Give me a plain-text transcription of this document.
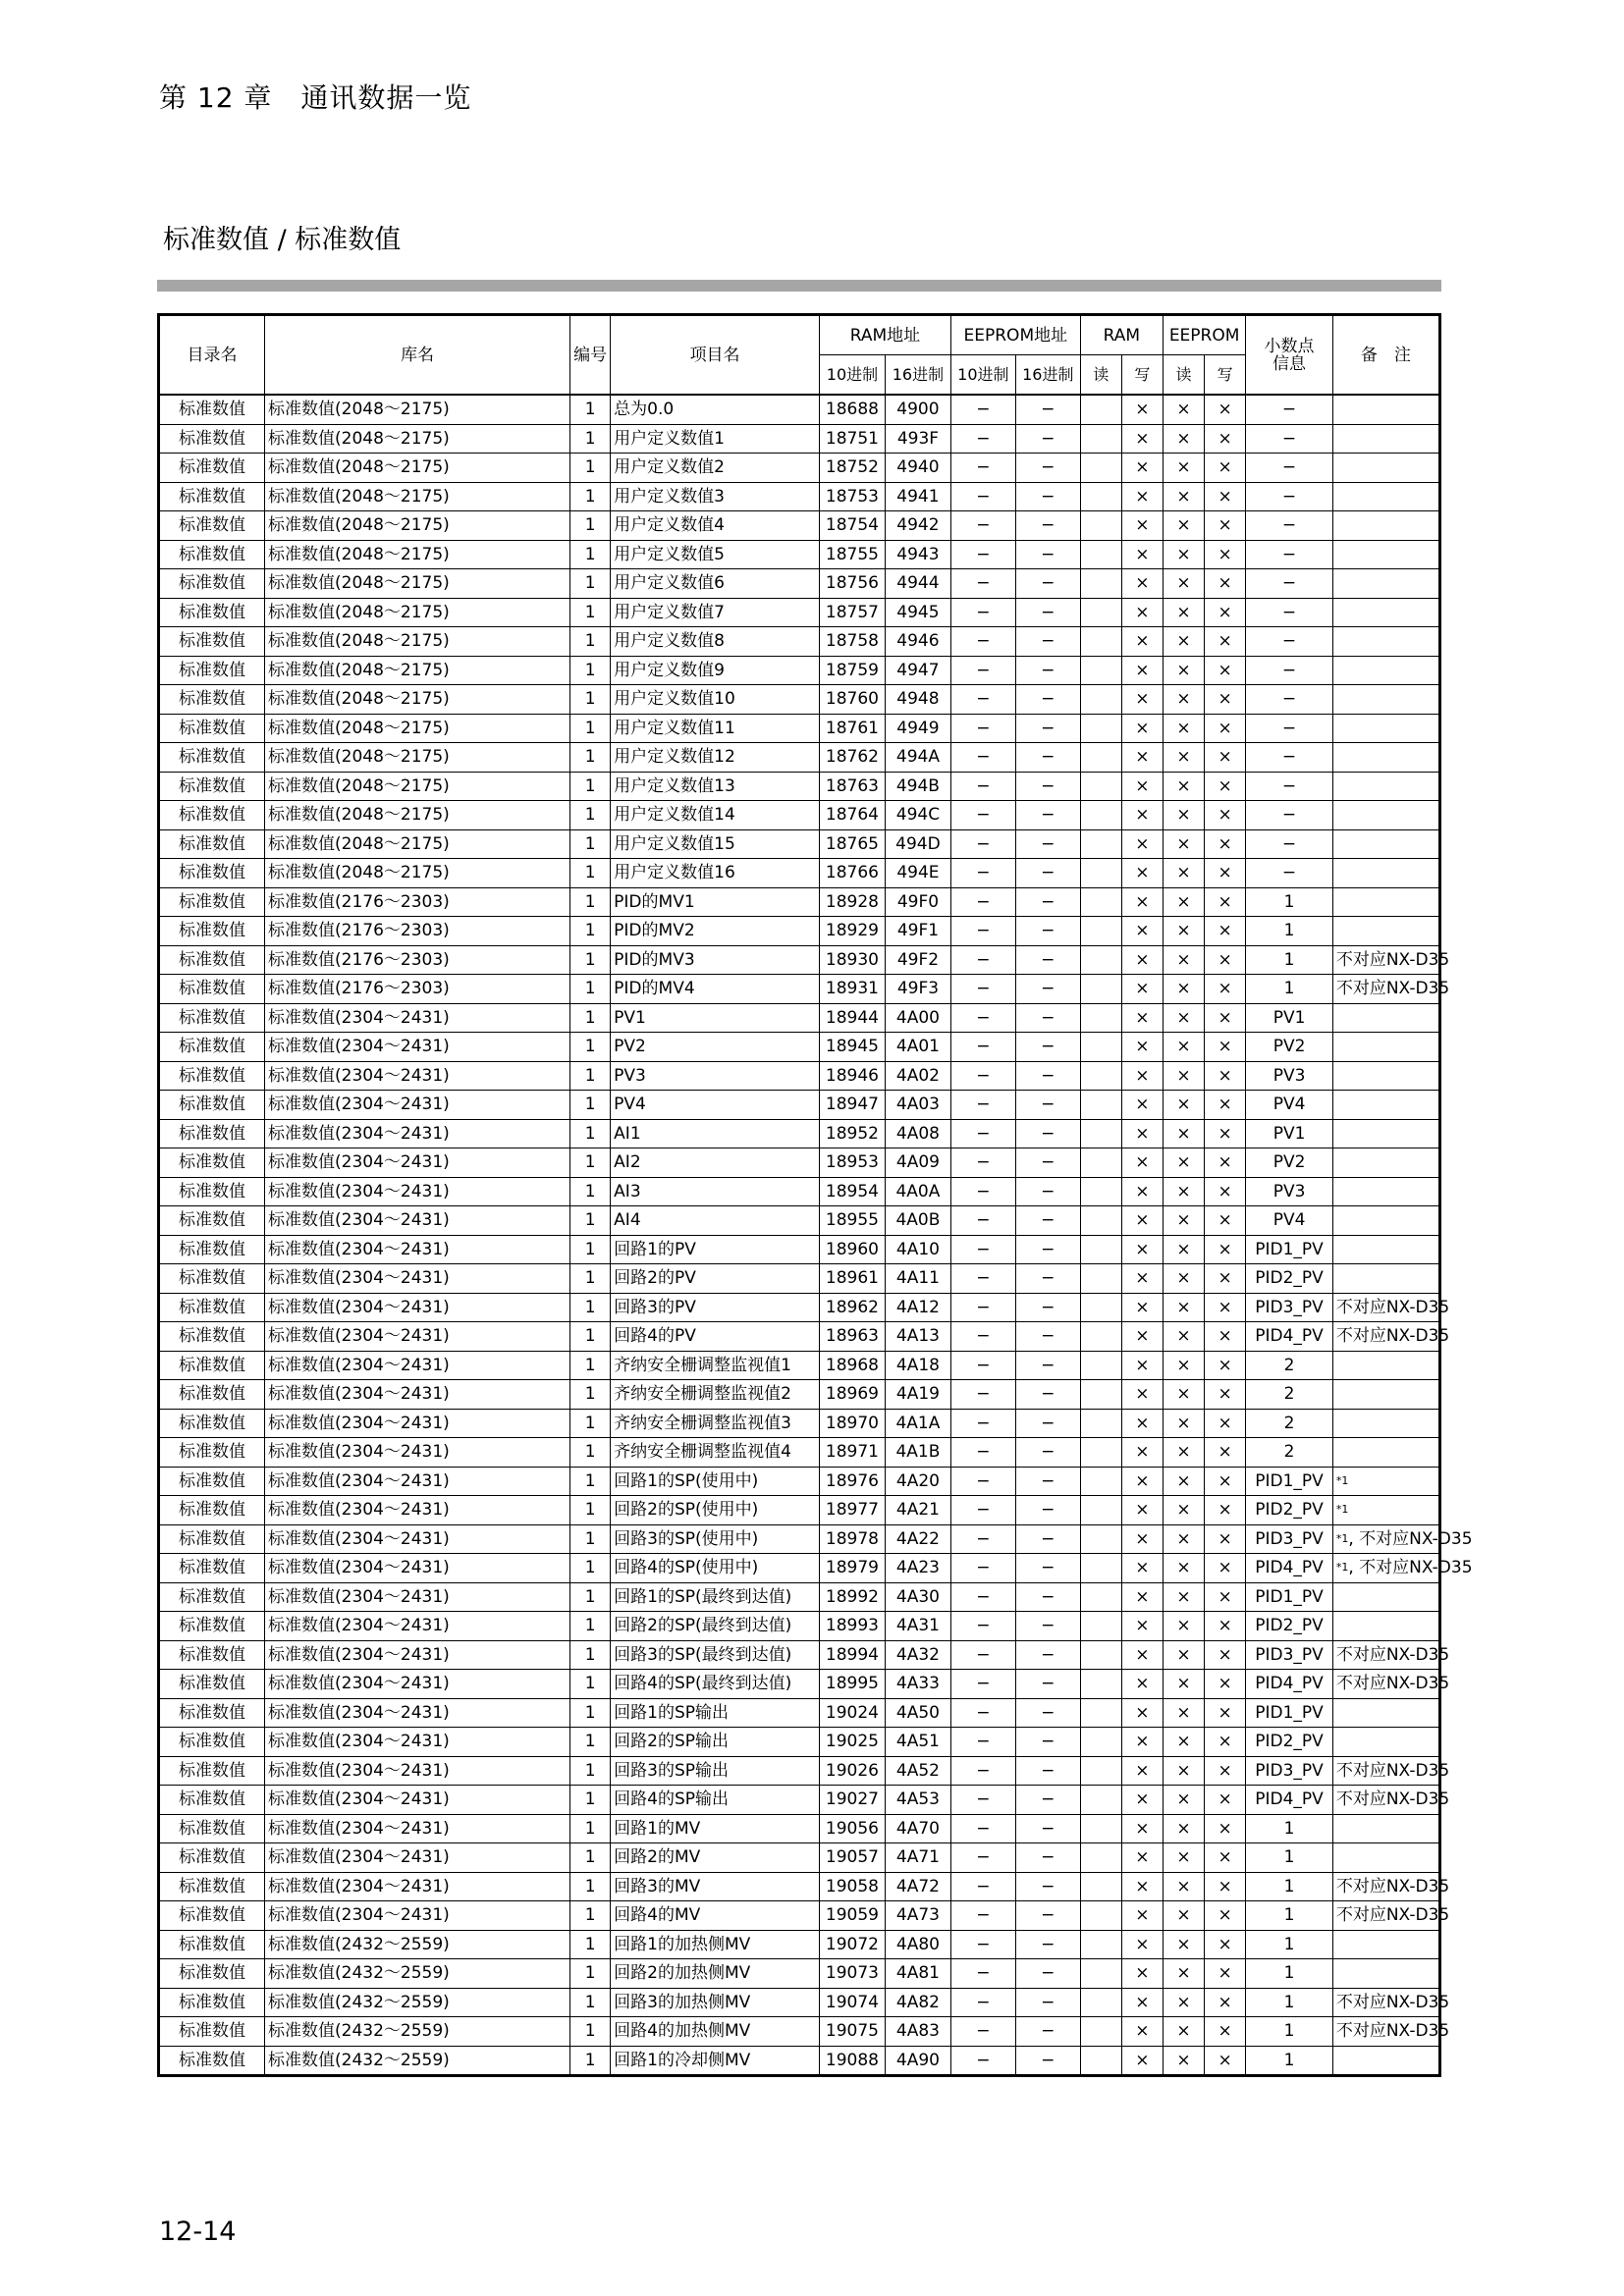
第 12 章　通讯数据一览
标准数值 / 标准数值
目录名	库名	编号	项目名	RAM地址		EEPROM地址		RAM		EEPROM		小数点
信息	备　注
				10进制	16进制	10进制	16进制	读	写	读	写		
标准数值	标准数值(2048～2175)	1	总为0.0	18688	4900	−	−		×	×	×	−	
标准数值	标准数值(2048～2175)	1	用户定义数值1	18751	493F	−	−		×	×	×	−	
标准数值	标准数值(2048～2175)	1	用户定义数值2	18752	4940	−	−		×	×	×	−	
标准数值	标准数值(2048～2175)	1	用户定义数值3	18753	4941	−	−		×	×	×	−	
标准数值	标准数值(2048～2175)	1	用户定义数值4	18754	4942	−	−		×	×	×	−	
标准数值	标准数值(2048～2175)	1	用户定义数值5	18755	4943	−	−		×	×	×	−	
标准数值	标准数值(2048～2175)	1	用户定义数值6	18756	4944	−	−		×	×	×	−	
标准数值	标准数值(2048～2175)	1	用户定义数值7	18757	4945	−	−		×	×	×	−	
标准数值	标准数值(2048～2175)	1	用户定义数值8	18758	4946	−	−		×	×	×	−	
标准数值	标准数值(2048～2175)	1	用户定义数值9	18759	4947	−	−		×	×	×	−	
标准数值	标准数值(2048～2175)	1	用户定义数值10	18760	4948	−	−		×	×	×	−	
标准数值	标准数值(2048～2175)	1	用户定义数值11	18761	4949	−	−		×	×	×	−	
标准数值	标准数值(2048～2175)	1	用户定义数值12	18762	494A	−	−		×	×	×	−	
标准数值	标准数值(2048～2175)	1	用户定义数值13	18763	494B	−	−		×	×	×	−	
标准数值	标准数值(2048～2175)	1	用户定义数值14	18764	494C	−	−		×	×	×	−	
标准数值	标准数值(2048～2175)	1	用户定义数值15	18765	494D	−	−		×	×	×	−	
标准数值	标准数值(2048～2175)	1	用户定义数值16	18766	494E	−	−		×	×	×	−	
标准数值	标准数值(2176～2303)	1	PID的MV1	18928	49F0	−	−		×	×	×	1	
标准数值	标准数值(2176～2303)	1	PID的MV2	18929	49F1	−	−		×	×	×	1	
标准数值	标准数值(2176～2303)	1	PID的MV3	18930	49F2	−	−		×	×	×	1	不对应NX-D35
标准数值	标准数值(2176～2303)	1	PID的MV4	18931	49F3	−	−		×	×	×	1	不对应NX-D35
标准数值	标准数值(2304～2431)	1	PV1	18944	4A00	−	−		×	×	×	PV1	
标准数值	标准数值(2304～2431)	1	PV2	18945	4A01	−	−		×	×	×	PV2	
标准数值	标准数值(2304～2431)	1	PV3	18946	4A02	−	−		×	×	×	PV3	
标准数值	标准数值(2304～2431)	1	PV4	18947	4A03	−	−		×	×	×	PV4	
标准数值	标准数值(2304～2431)	1	AI1	18952	4A08	−	−		×	×	×	PV1	
标准数值	标准数值(2304～2431)	1	AI2	18953	4A09	−	−		×	×	×	PV2	
标准数值	标准数值(2304～2431)	1	AI3	18954	4A0A	−	−		×	×	×	PV3	
标准数值	标准数值(2304～2431)	1	AI4	18955	4A0B	−	−		×	×	×	PV4	
标准数值	标准数值(2304～2431)	1	回路1的PV	18960	4A10	−	−		×	×	×	PID1_PV	
标准数值	标准数值(2304～2431)	1	回路2的PV	18961	4A11	−	−		×	×	×	PID2_PV	
标准数值	标准数值(2304～2431)	1	回路3的PV	18962	4A12	−	−		×	×	×	PID3_PV	不对应NX-D35
标准数值	标准数值(2304～2431)	1	回路4的PV	18963	4A13	−	−		×	×	×	PID4_PV	不对应NX-D35
标准数值	标准数值(2304～2431)	1	齐纳安全栅调整监视值1	18968	4A18	−	−		×	×	×	2	
标准数值	标准数值(2304～2431)	1	齐纳安全栅调整监视值2	18969	4A19	−	−		×	×	×	2	
标准数值	标准数值(2304～2431)	1	齐纳安全栅调整监视值3	18970	4A1A	−	−		×	×	×	2	
标准数值	标准数值(2304～2431)	1	齐纳安全栅调整监视值4	18971	4A1B	−	−		×	×	×	2	
标准数值	标准数值(2304～2431)	1	回路1的SP(使用中)	18976	4A20	−	−		×	×	×	PID1_PV	$^{*1}$
标准数值	标准数值(2304～2431)	1	回路2的SP(使用中)	18977	4A21	−	−		×	×	×	PID2_PV	$^{*1}$
标准数值	标准数值(2304～2431)	1	回路3的SP(使用中)	18978	4A22	−	−		×	×	×	PID3_PV	$^{*1}$, 不对应NX-D35
标准数值	标准数值(2304～2431)	1	回路4的SP(使用中)	18979	4A23	−	−		×	×	×	PID4_PV	$^{*1}$, 不对应NX-D35
标准数值	标准数值(2304～2431)	1	回路1的SP(最终到达值)	18992	4A30	−	−		×	×	×	PID1_PV	
标准数值	标准数值(2304～2431)	1	回路2的SP(最终到达值)	18993	4A31	−	−		×	×	×	PID2_PV	
标准数值	标准数值(2304～2431)	1	回路3的SP(最终到达值)	18994	4A32	−	−		×	×	×	PID3_PV	不对应NX-D35
标准数值	标准数值(2304～2431)	1	回路4的SP(最终到达值)	18995	4A33	−	−		×	×	×	PID4_PV	不对应NX-D35
标准数值	标准数值(2304～2431)	1	回路1的SP输出	19024	4A50	−	−		×	×	×	PID1_PV	
标准数值	标准数值(2304～2431)	1	回路2的SP输出	19025	4A51	−	−		×	×	×	PID2_PV	
标准数值	标准数值(2304～2431)	1	回路3的SP输出	19026	4A52	−	−		×	×	×	PID3_PV	不对应NX-D35
标准数值	标准数值(2304～2431)	1	回路4的SP输出	19027	4A53	−	−		×	×	×	PID4_PV	不对应NX-D35
标准数值	标准数值(2304～2431)	1	回路1的MV	19056	4A70	−	−		×	×	×	1	
标准数值	标准数值(2304～2431)	1	回路2的MV	19057	4A71	−	−		×	×	×	1	
标准数值	标准数值(2304～2431)	1	回路3的MV	19058	4A72	−	−		×	×	×	1	不对应NX-D35
标准数值	标准数值(2304～2431)	1	回路4的MV	19059	4A73	−	−		×	×	×	1	不对应NX-D35
标准数值	标准数值(2432～2559)	1	回路1的加热侧MV	19072	4A80	−	−		×	×	×	1	
标准数值	标准数值(2432～2559)	1	回路2的加热侧MV	19073	4A81	−	−		×	×	×	1	
标准数值	标准数值(2432～2559)	1	回路3的加热侧MV	19074	4A82	−	−		×	×	×	1	不对应NX-D35
标准数值	标准数值(2432～2559)	1	回路4的加热侧MV	19075	4A83	−	−		×	×	×	1	不对应NX-D35
标准数值	标准数值(2432～2559)	1	回路1的冷却侧MV	19088	4A90	−	−		×	×	×	1	
12-14
